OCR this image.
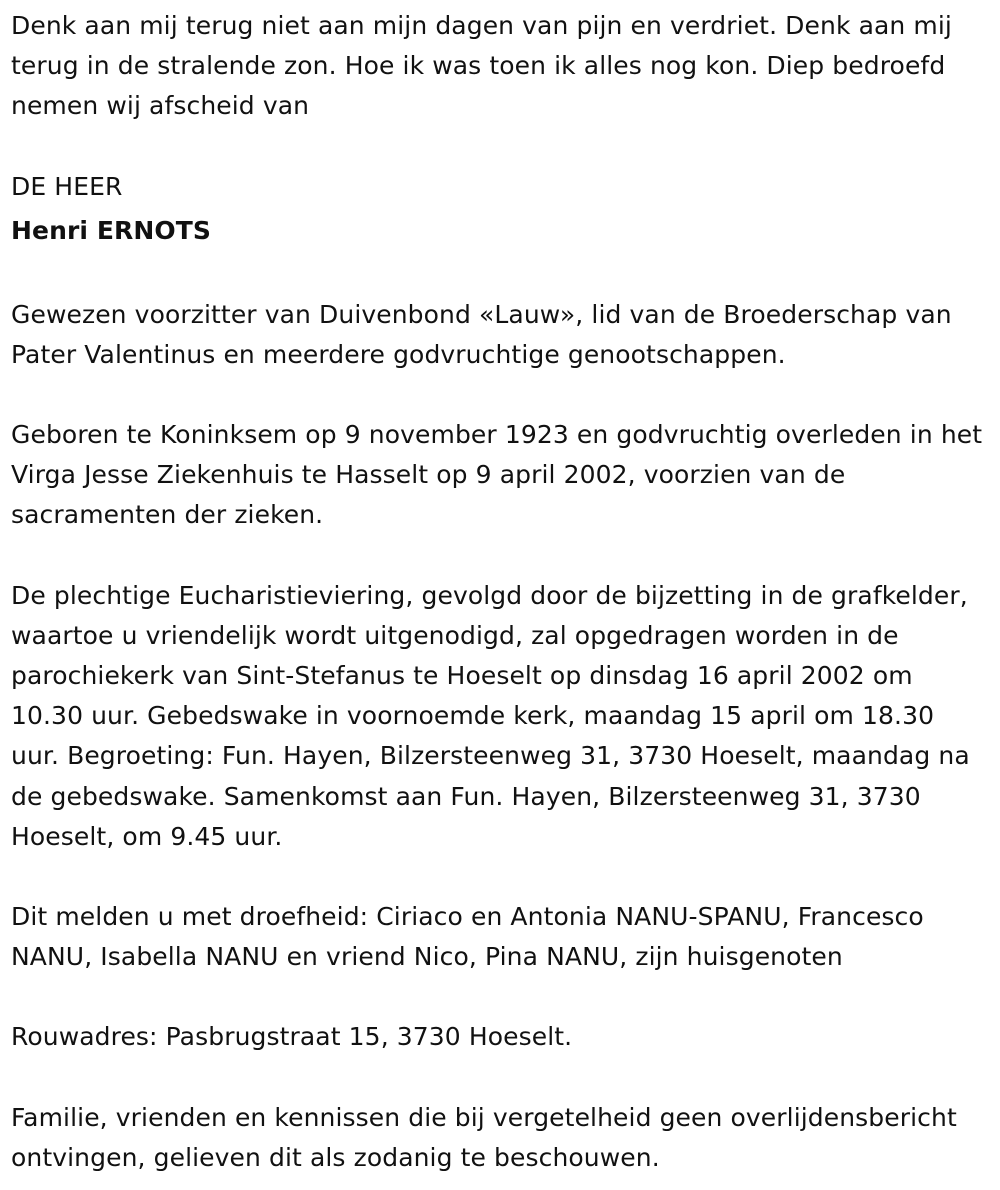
Denk aan mij terug niet aan mijn dagen van pijn en verdriet. Denk aan mij terug in de stralende zon. Hoe ik was toen ik alles nog kon. Diep bedroefd nemen wij afscheid van

DE HEER

Henri ERNOTS

Gewezen voorzitter van Duivenbond «Lauw», lid van de Broederschap van Pater Valentinus en meerdere godvruchtige genootschappen.

Geboren te Koninksem op 9 november 1923 en godvruchtig overleden in het Virga Jesse Ziekenhuis te Hasselt op 9 april 2002, voorzien van de sacramenten der zieken.

De plechtige Eucharistieviering, gevolgd door de bijzetting in de grafkelder, waartoe u vriendelijk wordt uitgenodigd, zal opgedragen worden in de parochiekerk van Sint-Stefanus te Hoeselt op dinsdag 16 april 2002 om 10.30 uur. Gebedswake in voornoemde kerk, maandag 15 april om 18.30 uur. Begroeting: Fun. Hayen, Bilzersteenweg 31, 3730 Hoeselt, maandag na de gebedswake. Samenkomst aan Fun. Hayen, Bilzersteenweg 31, 3730 Hoeselt, om 9.45 uur.

Dit melden u met droefheid: Ciriaco en Antonia NANU-SPANU, Francesco NANU, Isabella NANU en vriend Nico, Pina NANU, zijn huisgenoten

Rouwadres: Pasbrugstraat 15, 3730 Hoeselt.

Familie, vrienden en kennissen die bij vergetelheid geen overlijdensbericht ontvingen, gelieven dit als zodanig te beschouwen.
